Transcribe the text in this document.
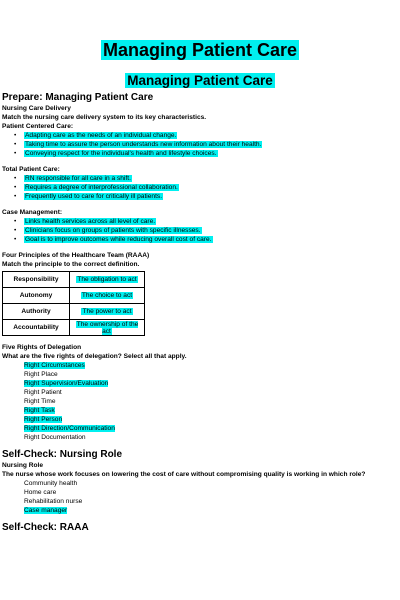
Managing Patient Care
Managing Patient Care

Prepare: Managing Patient Care

Nursing Care Delivery

Match the nursing care delivery system to its key characteristics.

Patient Centered Care:

• Adapting care as the needs of an individual change.
• Taking time to assure the person understands new information about their health.
• Conveying respect for the individual's health and lifestyle choices.

Total Patient Care:

• RN responsible for all care in a shift.
• Requires a degree of interprofessional collaboration.
• Frequently used to care for critically ill patients.

Case Management:

• Links health services across all level of care.
• Clinicians focus on groups of patients with specific illnesses.
• Goal is to improve outcomes while reducing overall cost of care.

Four Principles of the Healthcare Team (RAAA)

Match the principle to the correct definition.

Responsibility	The obligation to act
Autonomy	The choice to act
Authority	The power to act
Accountability	The ownership of the act

Five Rights of Delegation

What are the five rights of delegation? Select all that apply.

Right Circumstances
Right Place
Right Supervision/Evaluation
Right Patient
Right Time
Right Task
Right Person
Right Direction/Communication
Right Documentation

Self-Check: Nursing Role

Nursing Role

The nurse whose work focuses on lowering the cost of care without compromising quality is working in which role?

Community health
Home care
Rehabilitation nurse
Case manager

Self-Check: RAAA
